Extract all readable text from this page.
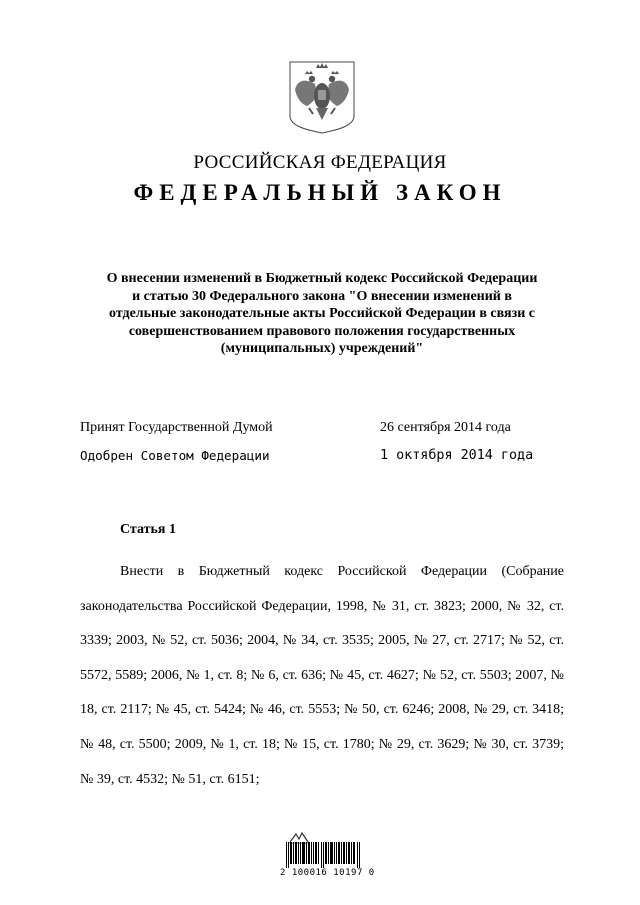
РОССИЙСКАЯ ФЕДЕРАЦИЯ
ФЕДЕРАЛЬНЫЙ ЗАКОН
О внесении изменений в Бюджетный кодекс Российской Федерации
и статью 30 Федерального закона "О внесении изменений в
отдельные законодательные акты Российской Федерации в связи с
совершенствованием правового положения государственных
(муниципальных) учреждений"
Принят Государственной Думой	26 сентября 2014 года
Одобрен Советом Федерации	1 октября 2014 года
Статья 1

Внести в Бюджетный кодекс Российской Федерации (Собрание законодательства Российской Федерации, 1998, № 31, ст. 3823; 2000, № 32, ст. 3339; 2003, № 52, ст. 5036; 2004, № 34, ст. 3535; 2005, № 27, ст. 2717; № 52, ст. 5572, 5589; 2006, № 1, ст. 8; № 6, ст. 636; № 45, ст. 4627; № 52, ст. 5503; 2007, № 18, ст. 2117; № 45, ст. 5424; № 46, ст. 5553; № 50, ст. 6246; 2008, № 29, ст. 3418; № 48, ст. 5500; 2009, № 1, ст. 18; № 15, ст. 1780; № 29, ст. 3629; № 30, ст. 3739; № 39, ст. 4532; № 51, ст. 6151;

2 100016 10197 0
